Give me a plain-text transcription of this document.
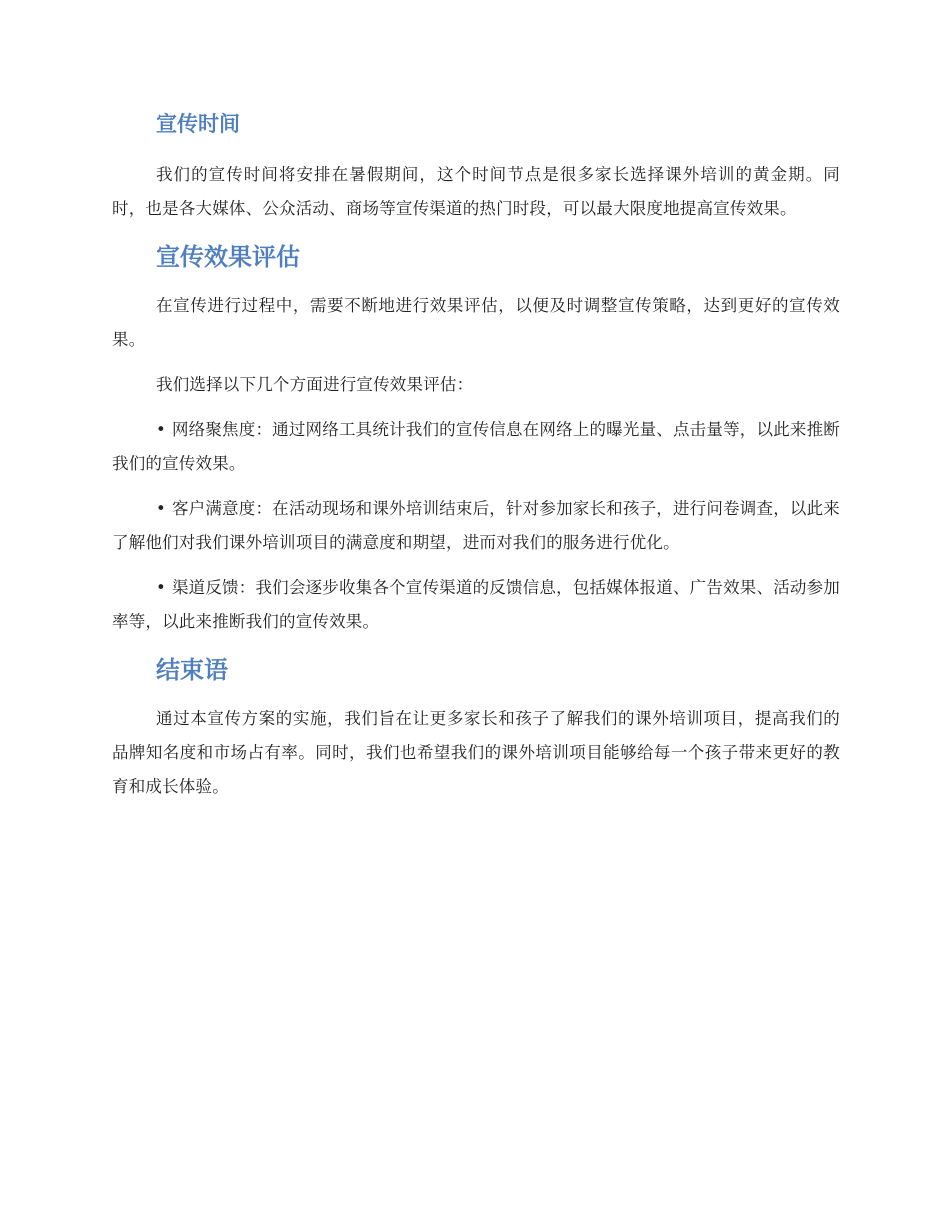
宣传时间

我们的宣传时间将安排在暑假期间，这个时间节点是很多家长选择课外培训的黄金期。同时，也是各大媒体、公众活动、商场等宣传渠道的热门时段，可以最大限度地提高宣传效果。

宣传效果评估

在宣传进行过程中，需要不断地进行效果评估，以便及时调整宣传策略，达到更好的宣传效果。

我们选择以下几个方面进行宣传效果评估：

• 网络聚焦度：通过网络工具统计我们的宣传信息在网络上的曝光量、点击量等，以此来推断我们的宣传效果。

• 客户满意度：在活动现场和课外培训结束后，针对参加家长和孩子，进行问卷调查，以此来了解他们对我们课外培训项目的满意度和期望，进而对我们的服务进行优化。

• 渠道反馈：我们会逐步收集各个宣传渠道的反馈信息，包括媒体报道、广告效果、活动参加率等，以此来推断我们的宣传效果。

结束语

通过本宣传方案的实施，我们旨在让更多家长和孩子了解我们的课外培训项目，提高我们的品牌知名度和市场占有率。同时，我们也希望我们的课外培训项目能够给每一个孩子带来更好的教育和成长体验。
